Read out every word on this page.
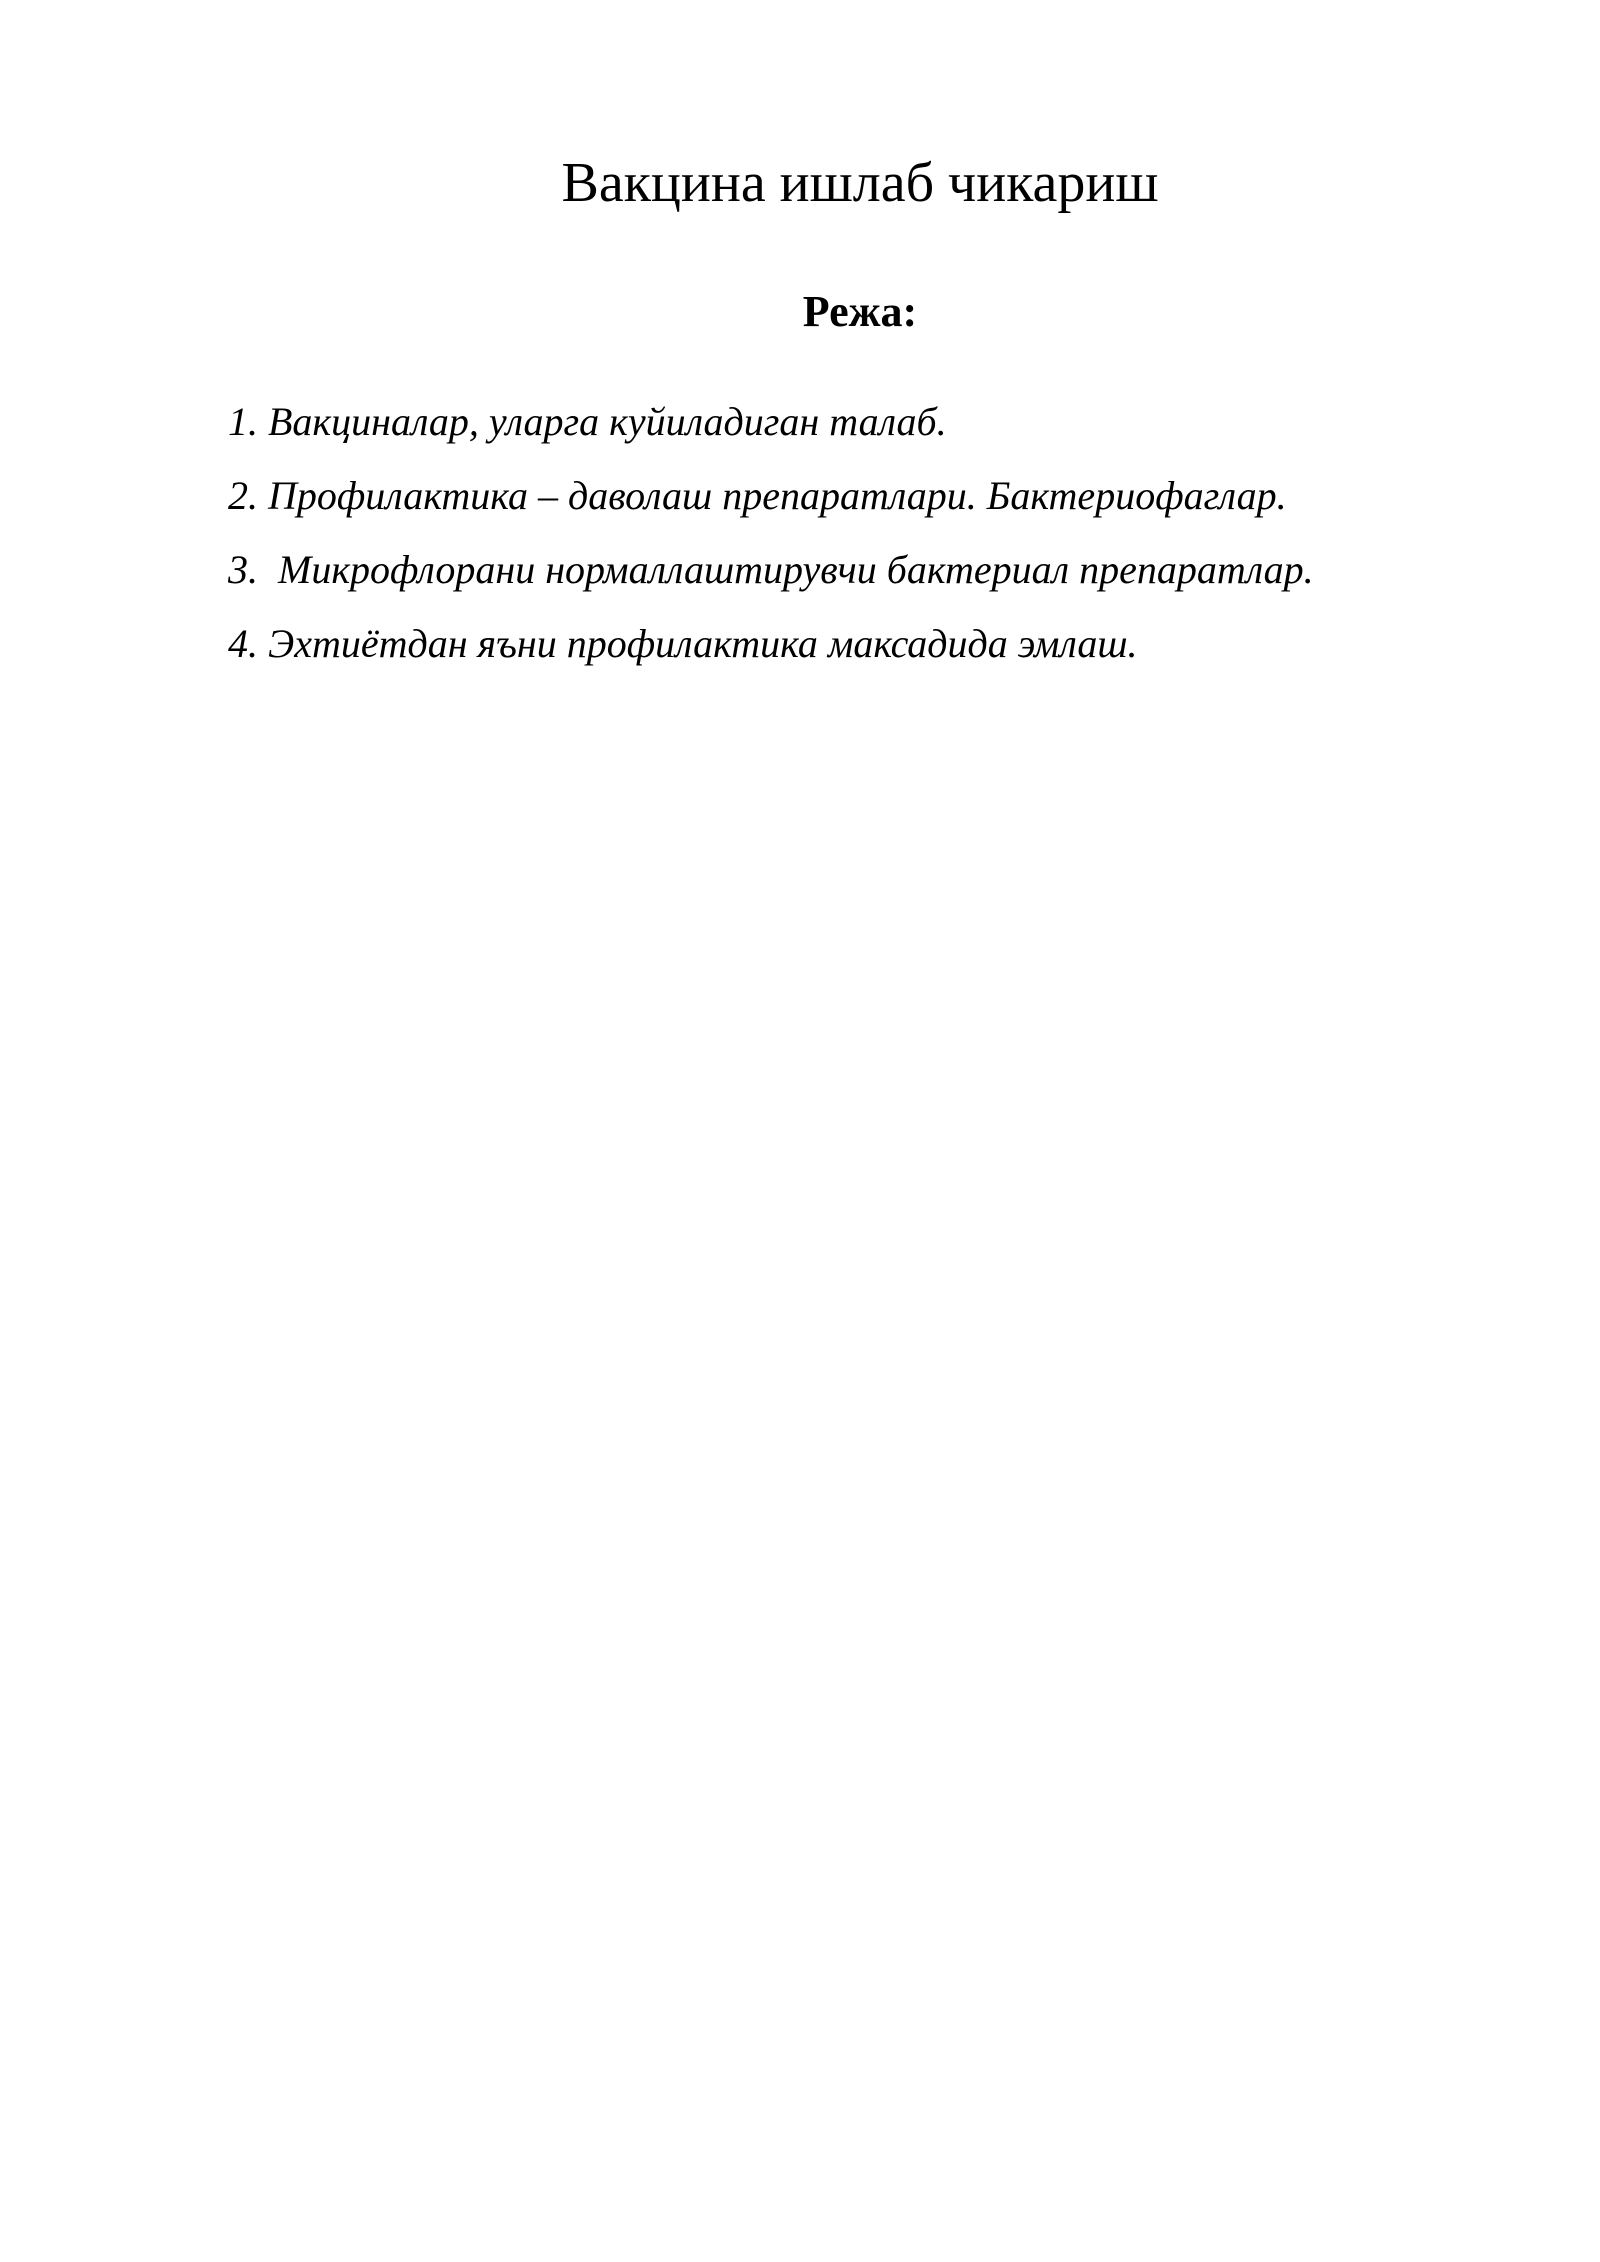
Вакцина ишлаб чикариш
Режа:
1. Вакциналар, уларга куйиладиган талаб.
2. Профилактика – даволаш препаратлари. Бактериофаглар.
3.  Микрофлорани нормаллаштирувчи бактериал препаратлар.
4. Эхтиётдан яъни профилактика максадида эмлаш.
